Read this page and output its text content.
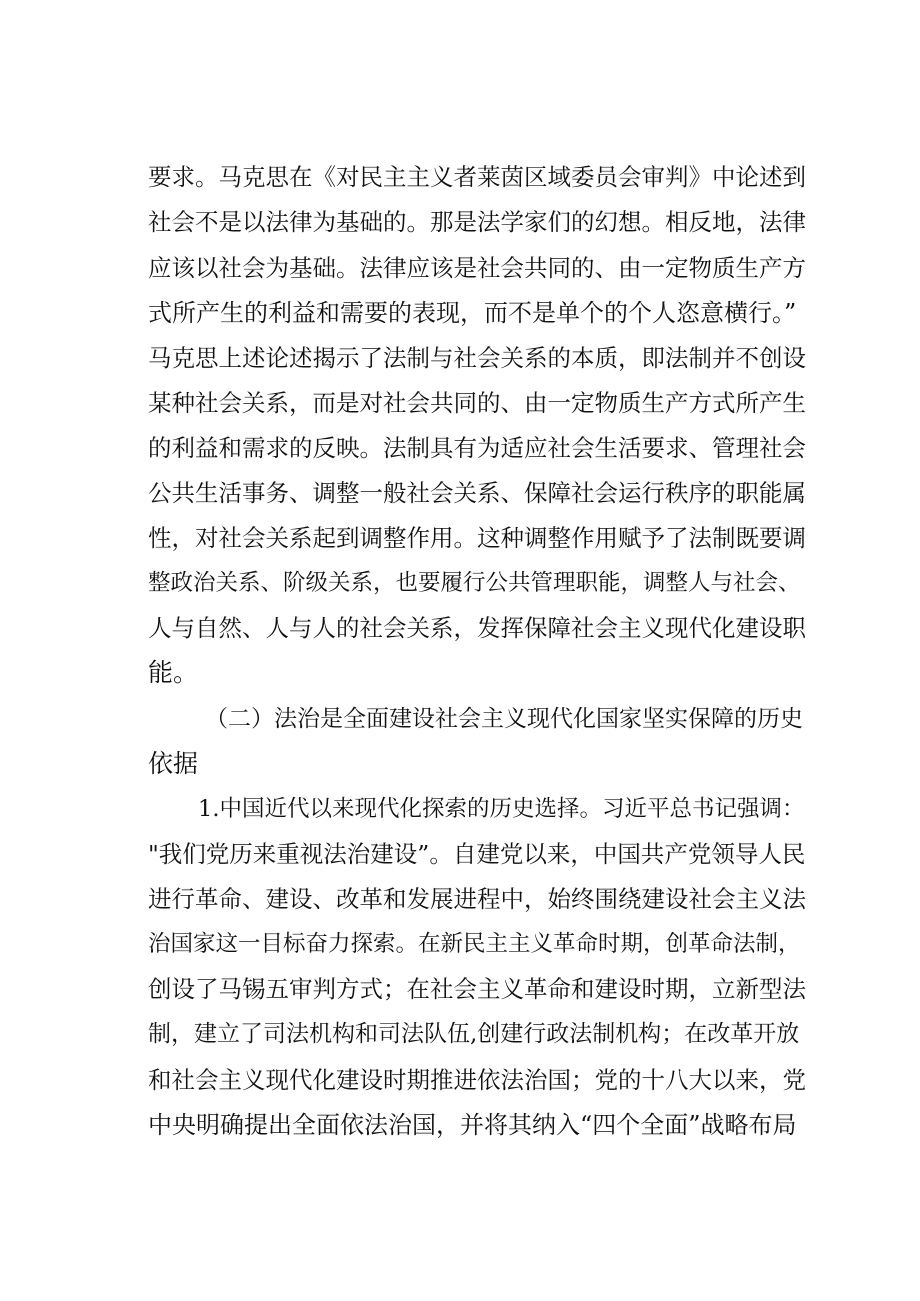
要求。马克思在《对民主主义者莱茵区域委员会审判》中论述到
社会不是以法律为基础的。那是法学家们的幻想。相反地，法律
应该以社会为基础。法律应该是社会共同的、由一定物质生产方
式所产生的利益和需要的表现，而不是单个的个人恣意横行。”
马克思上述论述揭示了法制与社会关系的本质，即法制并不创设
某种社会关系，而是对社会共同的、由一定物质生产方式所产生
的利益和需求的反映。法制具有为适应社会生活要求、管理社会
公共生活事务、调整一般社会关系、保障社会运行秩序的职能属
性，对社会关系起到调整作用。这种调整作用赋予了法制既要调
整政治关系、阶级关系，也要履行公共管理职能，调整人与社会、
人与自然、人与人的社会关系，发挥保障社会主义现代化建设职
能。
（二）法治是全面建设社会主义现代化国家坚实保障的历史
依据
1.中国近代以来现代化探索的历史选择。习近平总书记强调：
"我们党历来重视法治建设”。自建党以来，中国共产党领导人民
进行革命、建设、改革和发展进程中，始终围绕建设社会主义法
治国家这一目标奋力探索。在新民主主义革命时期，创革命法制，
创设了马锡五审判方式；在社会主义革命和建设时期，立新型法
制，建立了司法机构和司法队伍,创建行政法制机构；在改革开放
和社会主义现代化建设时期推进依法治国；党的十八大以来，党
中央明确提出全面依法治国，并将其纳入“四个全面”战略布局
